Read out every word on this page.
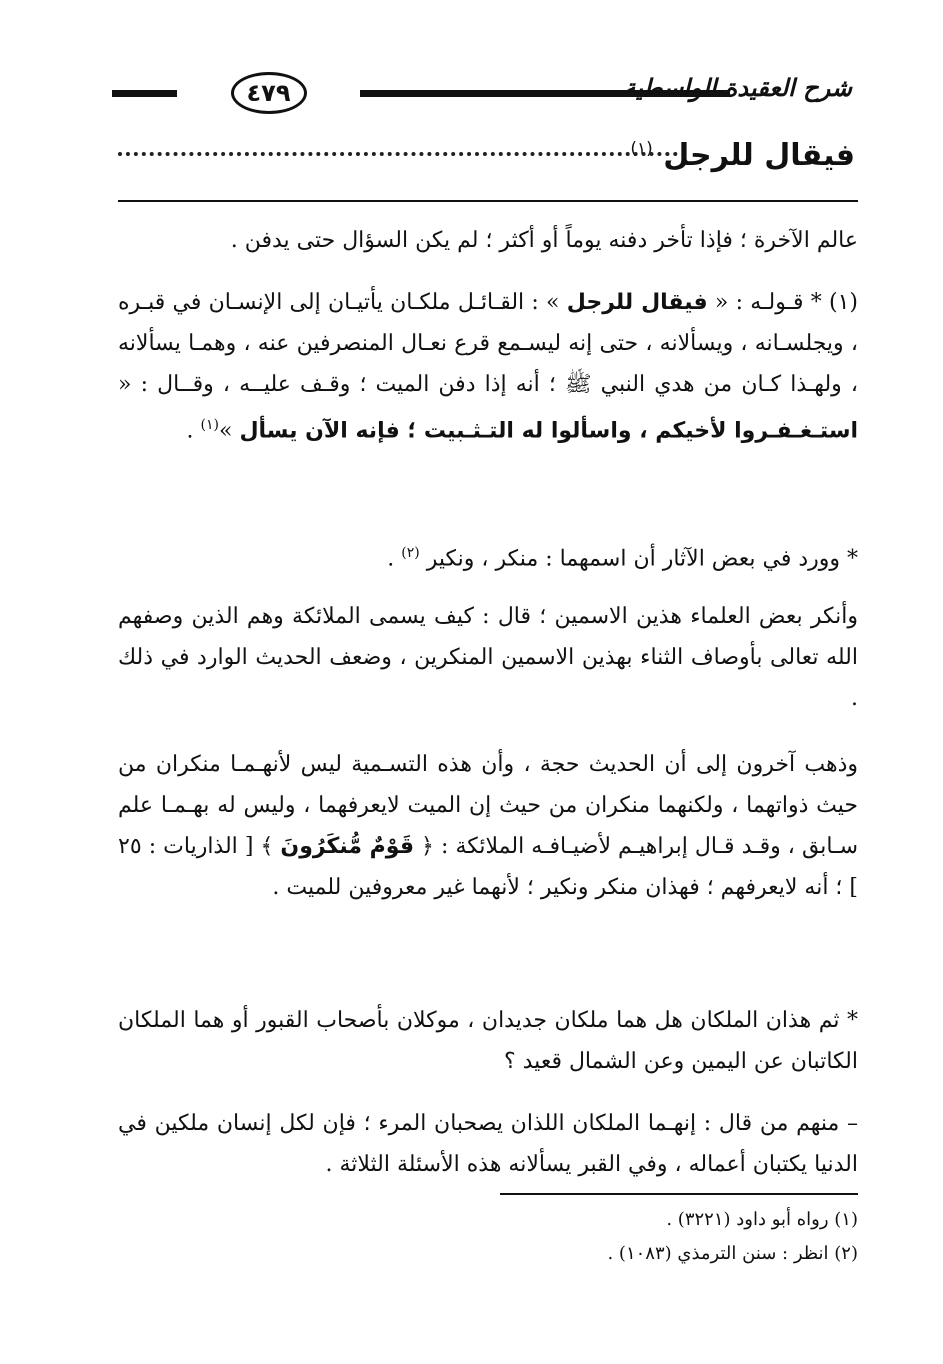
٤٧٩	شرح العقيدة الواسطية
فيقال للرجل $^{(١)}$

عالم الآخرة ؛ فإذا تأخر دفنه يوماً أو أكثر ؛ لم يكن السؤال حتى يدفن .

(١) * قـولـه : « فيقال للرجل » : القـائـل ملكـان يأتيـان إلى الإنسـان في قبـره ، ويجلسـانه ، ويسألانه ، حتى إنه ليسـمع قرع نعـال المنصرفين عنه ، وهمـا يسألانه ، ولهـذا كـان من هدي النبي ﷺ ؛ أنه إذا دفن الميت ؛ وقـف عليــه ، وقــال : « استـغـفـروا لأخيكم ، واسألوا له التـثـبيت ؛ فإنه الآن يسأل »$^{(١)}$ .

* وورد في بعض الآثار أن اسمهما : منكر ، ونكير $^{(٢)}$ .

وأنكر بعض العلماء هذين الاسمين ؛ قال : كيف يسمى الملائكة وهم الذين وصفهم الله تعالى بأوصاف الثناء بهذين الاسمين المنكرين ، وضعف الحديث الوارد في ذلك .

وذهب آخرون إلى أن الحديث حجة ، وأن هذه التسـمية ليس لأنهـمـا منكران من حيث ذواتهما ، ولكنهما منكران من حيث إن الميت لايعرفهما ، وليس له بهـمـا علم سـابق ، وقـد قـال إبراهيـم لأضيـافـه الملائكة : ﴿ قَوْمٌ مُّنكَرُونَ ﴾ [ الذاريات : ٢٥ ] ؛ أنه لايعرفهم ؛ فهذان منكر ونكير ؛ لأنهما غير معروفين للميت .

* ثم هذان الملكان هل هما ملكان جديدان ، موكلان بأصحاب القبور أو هما الملكان الكاتبان عن اليمين وعن الشمال قعيد ؟

– منهم من قال : إنهـما الملكان اللذان يصحبان المرء ؛ فإن لكل إنسان ملكين في الدنيا يكتبان أعماله ، وفي القبر يسألانه هذه الأسئلة الثلاثة .

(١) رواه أبو داود (٣٢٢١) .

(٢) انظر : سنن الترمذي (١٠٨٣) .
